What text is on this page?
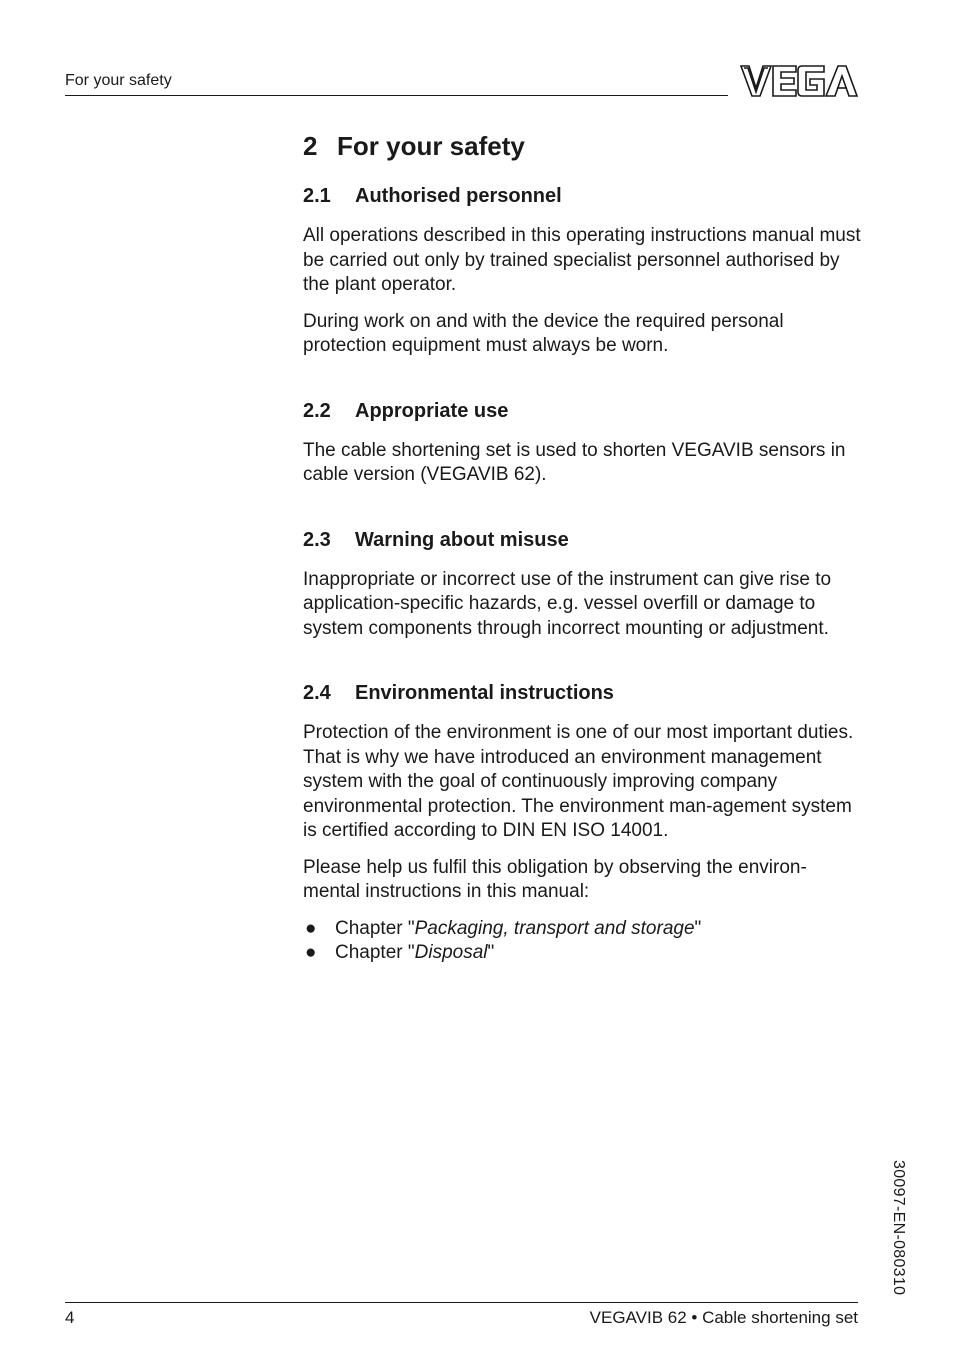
For your safety
2 For your safety
2.1 Authorised personnel

All operations described in this operating instructions manual must be carried out only by trained specialist personnel authorised by the plant operator.

During work on and with the device the required personal protection equipment must always be worn.

2.2 Appropriate use

The cable shortening set is used to shorten VEGAVIB sensors in cable version (VEGAVIB 62).

2.3 Warning about misuse

Inappropriate or incorrect use of the instrument can give rise to application-specific hazards, e.g. vessel overfill or damage to system components through incorrect mounting or adjustment.

2.4 Environmental instructions

Protection of the environment is one of our most important duties. That is why we have introduced an environment management system with the goal of continuously improving company environmental protection. The environment man-agement system is certified according to DIN EN ISO 14001.

Please help us fulfil this obligation by observing the environ-mental instructions in this manual:

● Chapter "Packaging, transport and storage"
● Chapter "Disposal"
30097-EN-080310
4	VEGAVIB 62 • Cable shortening set
